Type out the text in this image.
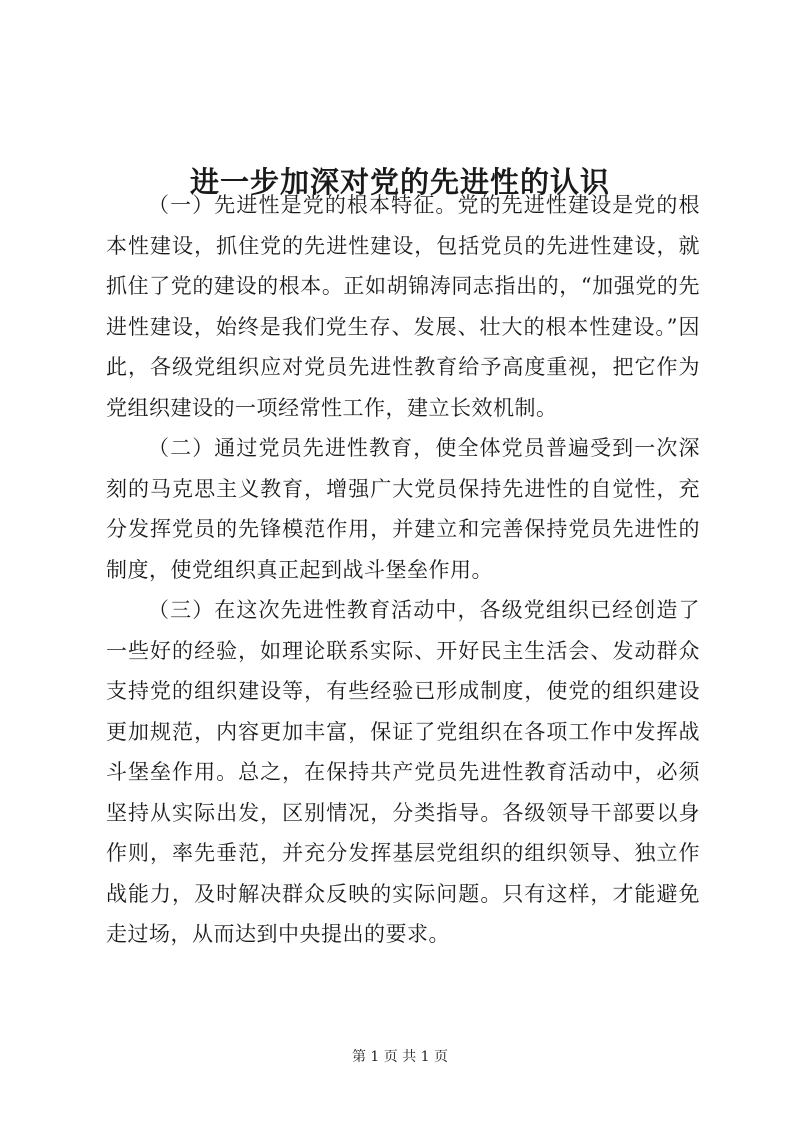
进一步加深对党的先进性的认识

（一）先进性是党的根本特征。党的先进性建设是党的根本性建设，抓住党的先进性建设，包括党员的先进性建设，就抓住了党的建设的根本。正如胡锦涛同志指出的，“加强党的先进性建设，始终是我们党生存、发展、壮大的根本性建设。”因此，各级党组织应对党员先进性教育给予高度重视，把它作为党组织建设的一项经常性工作，建立长效机制。

（二）通过党员先进性教育，使全体党员普遍受到一次深刻的马克思主义教育，增强广大党员保持先进性的自觉性，充分发挥党员的先锋模范作用，并建立和完善保持党员先进性的制度，使党组织真正起到战斗堡垒作用。

（三）在这次先进性教育活动中，各级党组织已经创造了一些好的经验，如理论联系实际、开好民主生活会、发动群众支持党的组织建设等，有些经验已形成制度，使党的组织建设更加规范，内容更加丰富，保证了党组织在各项工作中发挥战斗堡垒作用。总之，在保持共产党员先进性教育活动中，必须坚持从实际出发，区别情况，分类指导。各级领导干部要以身作则，率先垂范，并充分发挥基层党组织的组织领导、独立作战能力，及时解决群众反映的实际问题。只有这样，才能避免走过场，从而达到中央提出的要求。

第 1 页 共 1 页
